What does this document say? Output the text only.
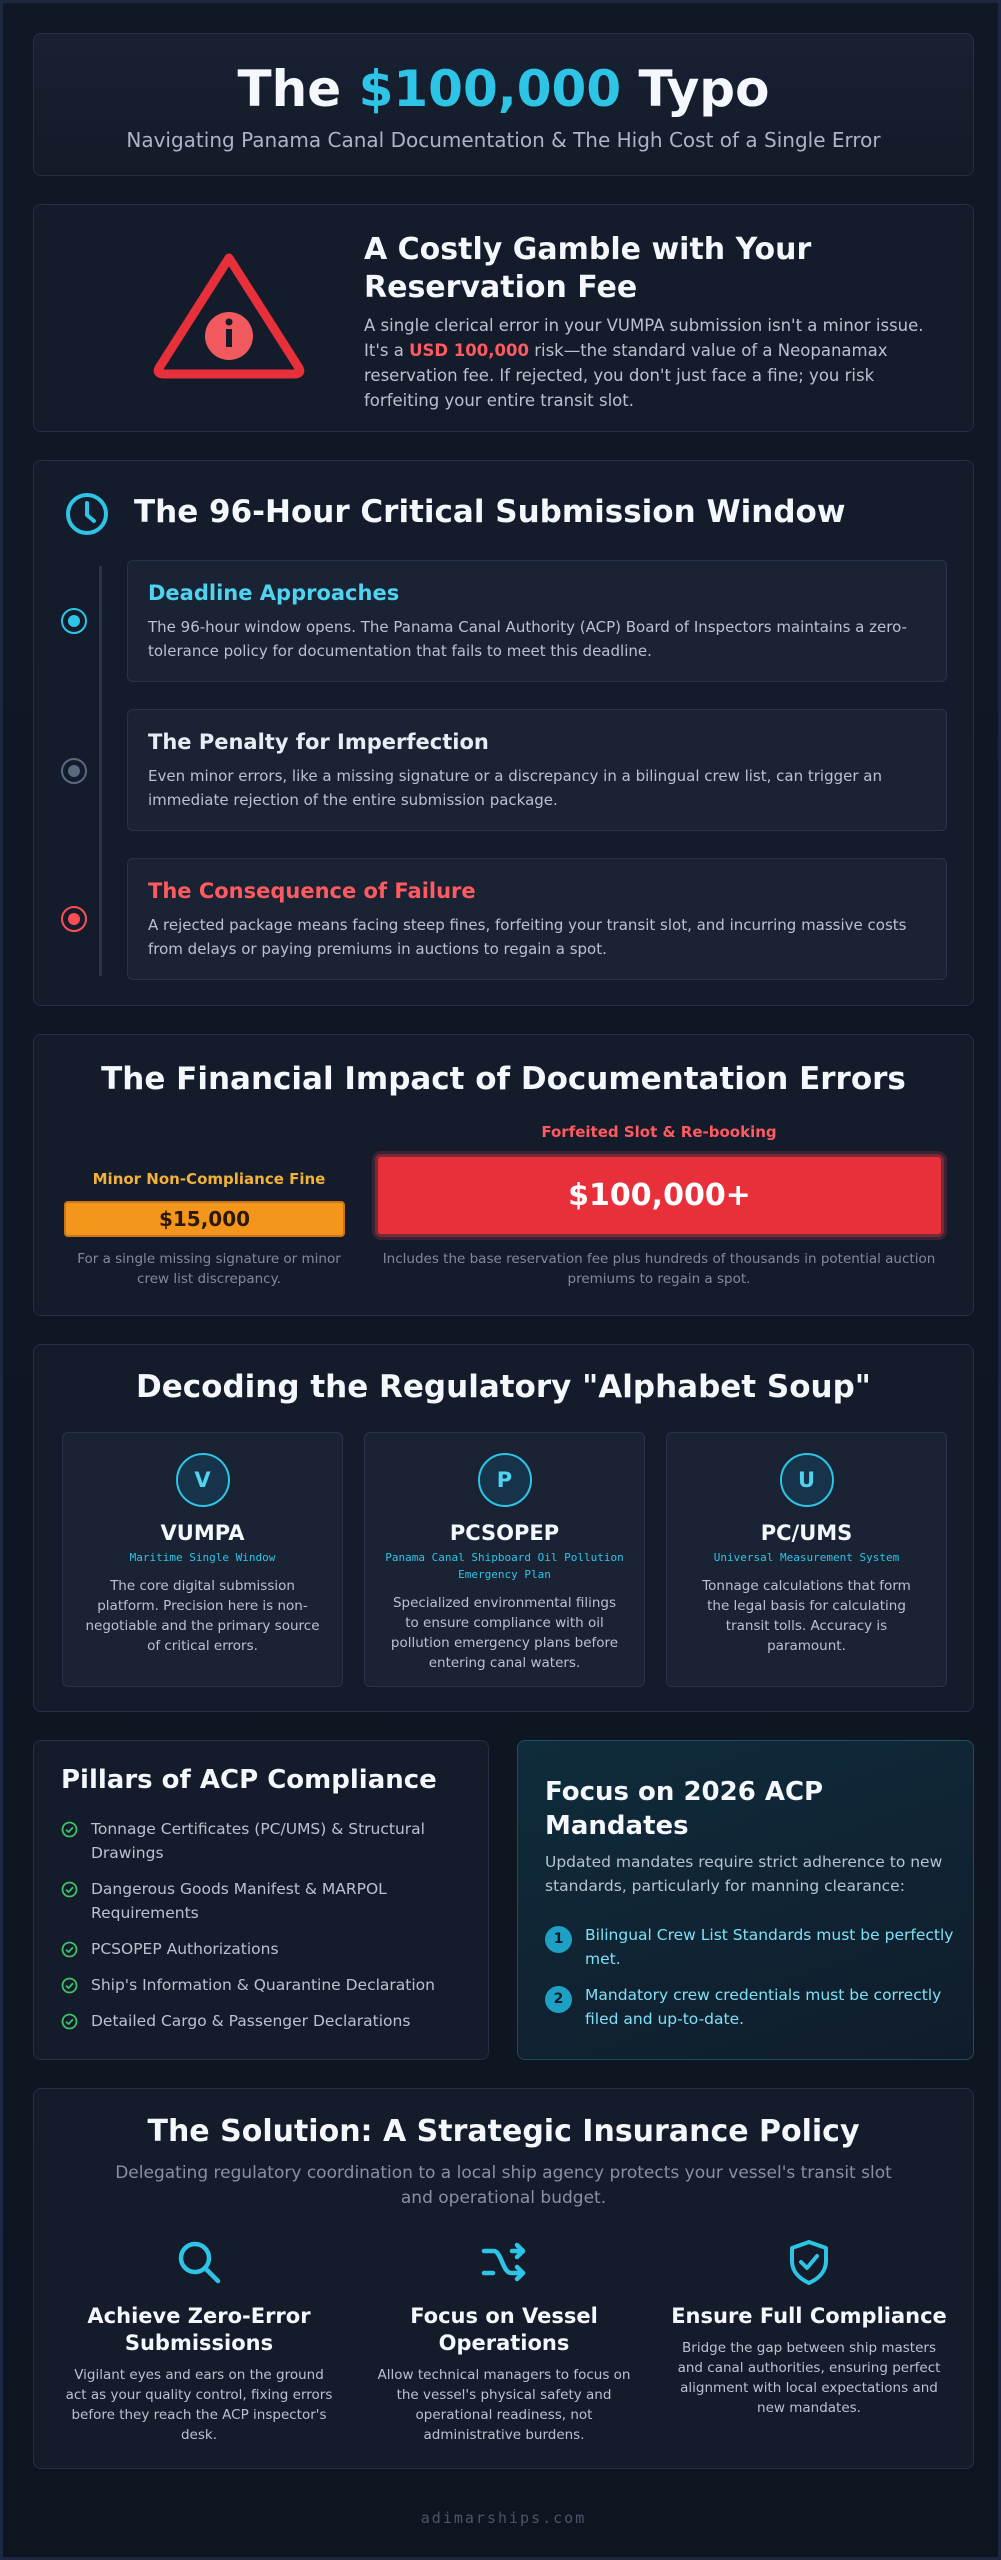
The $100,000 Typo

Navigating Panama Canal Documentation & The High Cost of a Single Error

A Costly Gamble with Your Reservation Fee

A single clerical error in your VUMPA submission isn't a minor issue. It's a USD 100,000 risk—the standard value of a Neopanamax reservation fee. If rejected, you don't just face a fine; you risk forfeiting your entire transit slot.

The 96-Hour Critical Submission Window
Deadline Approaches

The 96-hour window opens. The Panama Canal Authority (ACP) Board of Inspectors maintains a zero-tolerance policy for documentation that fails to meet this deadline.

The Penalty for Imperfection

Even minor errors, like a missing signature or a discrepancy in a bilingual crew list, can trigger an immediate rejection of the entire submission package.

The Consequence of Failure

A rejected package means facing steep fines, forfeiting your transit slot, and incurring massive costs from delays or paying premiums in auctions to regain a spot.

The Financial Impact of Documentation Errors
Minor Non-Compliance Fine
$15,000
For a single missing signature or minor crew list discrepancy.
Forfeited Slot & Re-booking
$100,000+
Includes the base reservation fee plus hundreds of thousands in potential auction premiums to regain a spot.
Decoding the Regulatory "Alphabet Soup"
V
VUMPA
Maritime Single Window

The core digital submission platform. Precision here is non-negotiable and the primary source of critical errors.

P
PCSOPEP
Panama Canal Shipboard Oil Pollution Emergency Plan

Specialized environmental filings to ensure compliance with oil pollution emergency plans before entering canal waters.

U
PC/UMS
Universal Measurement System

Tonnage calculations that form the legal basis for calculating transit tolls. Accuracy is paramount.

Pillars of ACP Compliance
Tonnage Certificates (PC/UMS) & Structural Drawings
Dangerous Goods Manifest & MARPOL Requirements
PCSOPEP Authorizations
Ship's Information & Quarantine Declaration
Detailed Cargo & Passenger Declarations
Focus on 2026 ACP Mandates

Updated mandates require strict adherence to new standards, particularly for manning clearance:

1	Bilingual Crew List Standards must be perfectly met.
2	Mandatory crew credentials must be correctly filed and up-to-date.
The Solution: A Strategic Insurance Policy

Delegating regulatory coordination to a local ship agency protects your vessel's transit slot and operational budget.

Achieve Zero-Error Submissions

Vigilant eyes and ears on the ground act as your quality control, fixing errors before they reach the ACP inspector's desk.

Focus on Vessel Operations

Allow technical managers to focus on the vessel's physical safety and operational readiness, not administrative burdens.

Ensure Full Compliance

Bridge the gap between ship masters and canal authorities, ensuring perfect alignment with local expectations and new mandates.

adimarships.com
